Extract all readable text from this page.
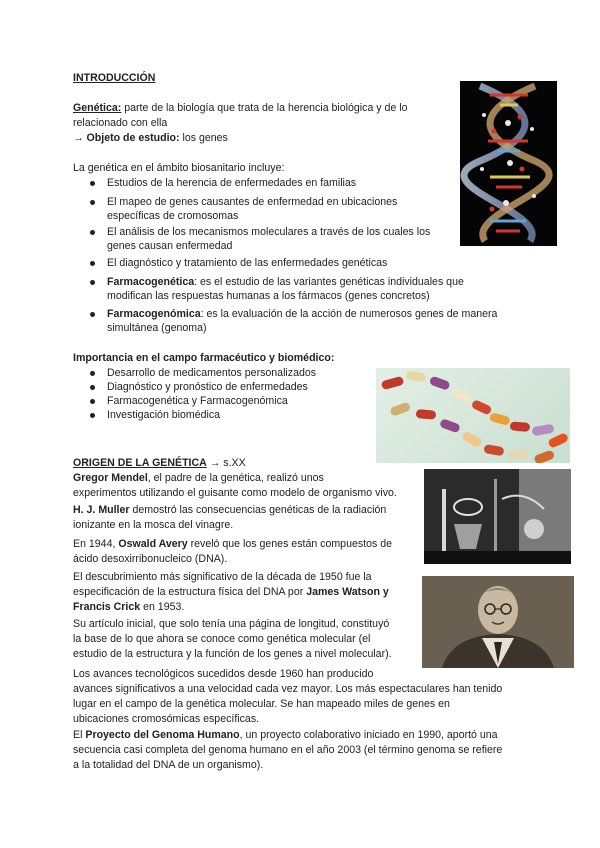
INTRODUCCIÓN
Genética: parte de la biología que trata de la herencia biológica y de lo
relacionado con ella
→ Objeto de estudio: los genes
La genética en el ámbito biosanitario incluye:
Estudios de la herencia de enfermedades en familias
El mapeo de genes causantes de enfermedad en ubicaciones
específicas de cromosomas
El análisis de los mecanismos moleculares a través de los cuales los
genes causan enfermedad
El diagnóstico y tratamiento de las enfermedades genéticas
Farmacogenética: es el estudio de las variantes genéticas individuales que
modifican las respuestas humanas a los fármacos (genes concretos)
Farmacogenómica: es la evaluación de la acción de numerosos genes de manera
simultánea (genoma)
Importancia en el campo farmacéutico y biomédico:
Desarrollo de medicamentos personalizados
Diagnóstico y pronóstico de enfermedades
Farmacogenética y Farmacogenómica
Investigación biomédica
ORIGEN DE LA GENÉTICA → s.XX
Gregor Mendel, el padre de la genética, realizó unos
experimentos utilizando el guisante como modelo de organismo vivo.
H. J. Muller demostró las consecuencias genéticas de la radiación
ionizante en la mosca del vinagre.
En 1944, Oswald Avery reveló que los genes están compuestos de
ácido desoxirribonucleico (DNA).
El descubrimiento más significativo de la década de 1950 fue la
especificación de la estructura física del DNA por James Watson y
Francis Crick en 1953.
Su artículo inicial, que solo tenía una página de longitud, constituyó
la base de lo que ahora se conoce como genética molecular (el
estudio de la estructura y la función de los genes a nivel molecular).
Los avances tecnológicos sucedidos desde 1960 han producido
avances significativos a una velocidad cada vez mayor. Los más espectaculares han tenido
lugar en el campo de la genética molecular. Se han mapeado miles de genes en
ubicaciones cromosómicas específicas.
El Proyecto del Genoma Humano, un proyecto colaborativo iniciado en 1990, aportó una
secuencia casi completa del genoma humano en el año 2003 (el término genoma se refiere
a la totalidad del DNA de un organismo).
